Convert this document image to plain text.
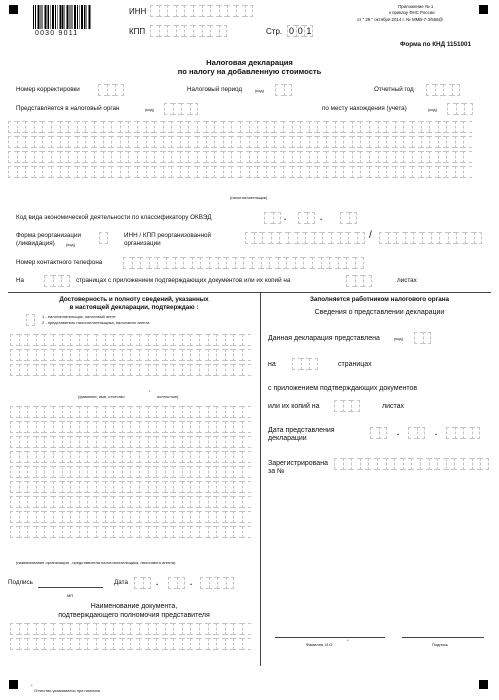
0030 9011
ИНН
КПП	Стр. 0 0 1
3
Приложение № 1
к приказу ФНС России
от " 29 " октября 2014 г. № ММВ-7-3/558@
Форма по КНД 1151001
Налоговая декларация
по налогу на добавленную стоимость
Номер корректировки	Налоговый период	(код)	Отчетный год
Представляется в налоговый орган	(код)	по месту нахождения (учета)	(код)
(налогоплательщик)
Код вида экономической деятельности по классификатору ОКВЭД	.	.
Форма реорганизации
(ликвидация)	(код)
ИНН / КПП реорганизованной
организации
/
Номер контактного телефона
На	страницах с приложением подтверждающих документов или их копий на	листах
Достоверность и полноту сведений, указанных
в настоящей декларации, подтверждаю :
1 - налогоплательщик, налоговый агент
2 - представитель налогоплательщика, налогового агента
(фамилия, имя, отчество
*
полностью)
(наименование организации - представителя налогоплательщика, налогового агента)
Подпись	Дата	.	.
МП
Наименование документа,
подтверждающего полномочия представителя
Заполняется работником налогового органа
Сведения о представлении декларации
Данная декларация представлена	(код)
на	страницах
с приложением подтверждающих документов
или их копий на	листах
Дата представления
декларации
.	.
Зарегистрирована
за №
Фамилия, И.О.
*
Подпись
*
Отчество указывается при наличии
